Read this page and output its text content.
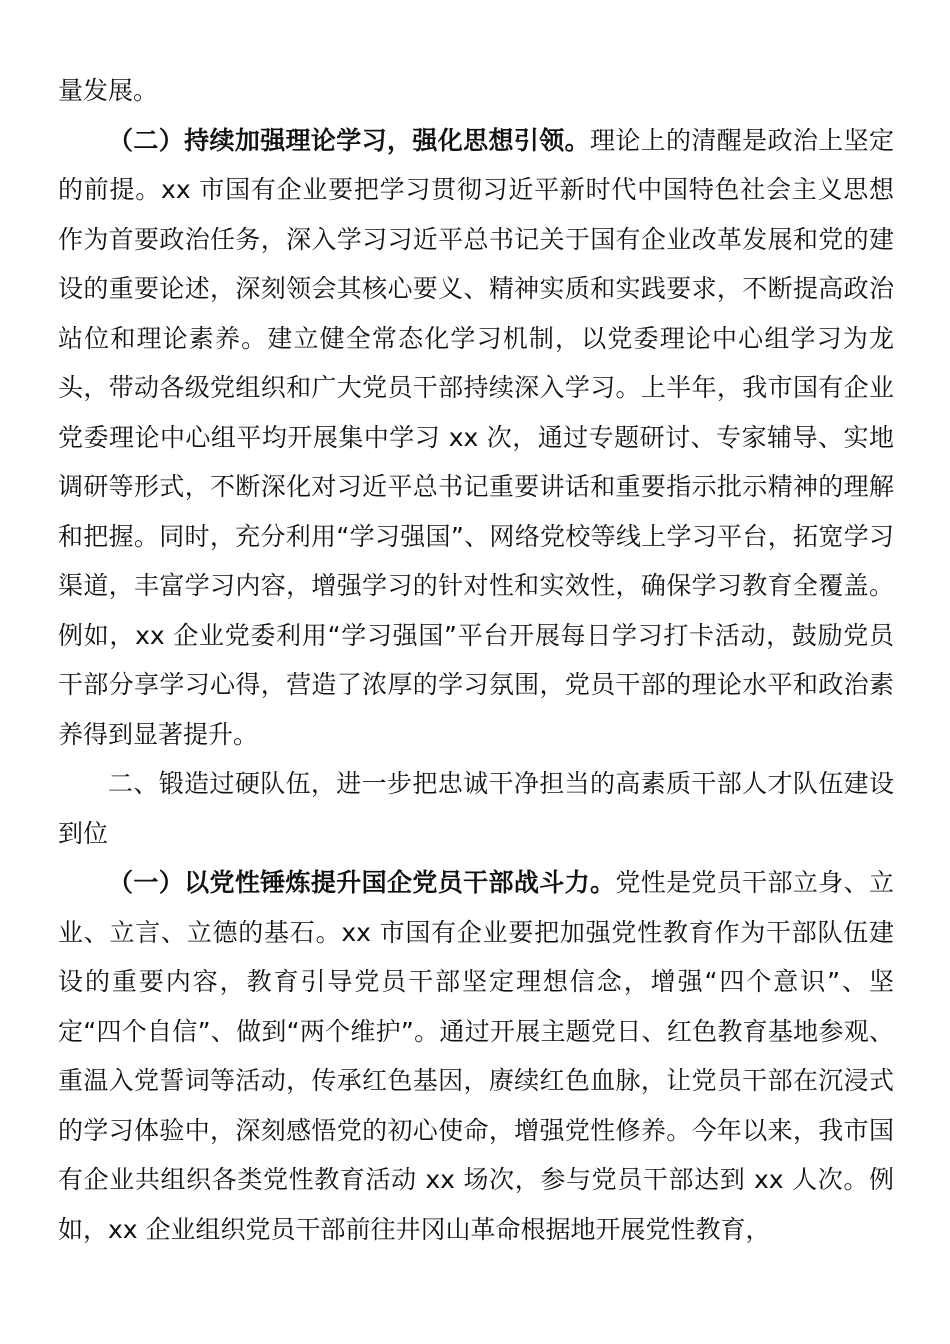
量发展。

（二）持续加强理论学习，强化思想引领。理论上的清醒是政治上坚定的前提。xx 市国有企业要把学习贯彻习近平新时代中国特色社会主义思想作为首要政治任务，深入学习习近平总书记关于国有企业改革发展和党的建设的重要论述，深刻领会其核心要义、精神实质和实践要求，不断提高政治站位和理论素养。建立健全常态化学习机制，以党委理论中心组学习为龙头，带动各级党组织和广大党员干部持续深入学习。上半年，我市国有企业党委理论中心组平均开展集中学习 xx 次，通过专题研讨、专家辅导、实地调研等形式，不断深化对习近平总书记重要讲话和重要指示批示精神的理解和把握。同时，充分利用“学习强国”、网络党校等线上学习平台，拓宽学习渠道，丰富学习内容，增强学习的针对性和实效性，确保学习教育全覆盖。例如，xx 企业党委利用“学习强国”平台开展每日学习打卡活动，鼓励党员干部分享学习心得，营造了浓厚的学习氛围，党员干部的理论水平和政治素养得到显著提升。

二、锻造过硬队伍，进一步把忠诚干净担当的高素质干部人才队伍建设到位

（一）以党性锤炼提升国企党员干部战斗力。党性是党员干部立身、立业、立言、立德的基石。xx 市国有企业要把加强党性教育作为干部队伍建设的重要内容，教育引导党员干部坚定理想信念，增强“四个意识”、坚定“四个自信”、做到“两个维护”。通过开展主题党日、红色教育基地参观、重温入党誓词等活动，传承红色基因，赓续红色血脉，让党员干部在沉浸式的学习体验中，深刻感悟党的初心使命，增强党性修养。今年以来，我市国有企业共组织各类党性教育活动 xx 场次，参与党员干部达到 xx 人次。例如，xx 企业组织党员干部前往井冈山革命根据地开展党性教育，
